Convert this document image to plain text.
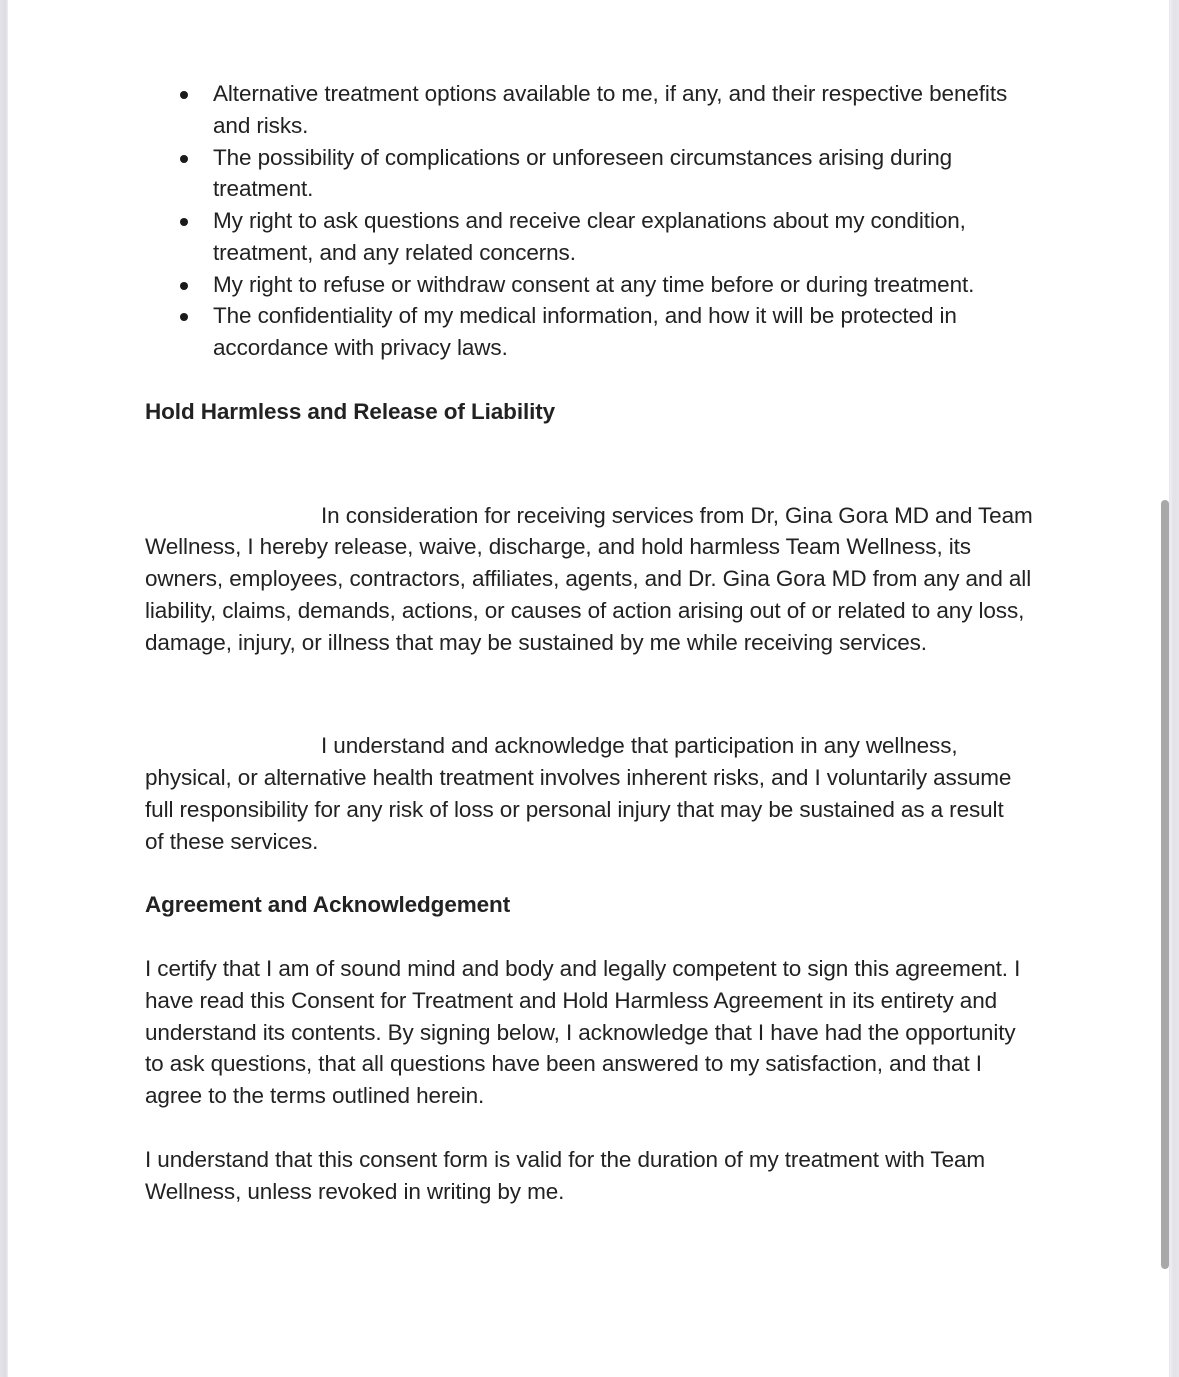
Alternative treatment options available to me, if any, and their respective benefits and risks.
The possibility of complications or unforeseen circumstances arising during treatment.
My right to ask questions and receive clear explanations about my condition, treatment, and any related concerns.
My right to refuse or withdraw consent at any time before or during treatment.
The confidentiality of my medical information, and how it will be protected in accordance with privacy laws.
Hold Harmless and Release of Liability

In consideration for receiving services from Dr, Gina Gora MD and Team Wellness, I hereby release, waive, discharge, and hold harmless Team Wellness, its owners, employees, contractors, affiliates, agents, and Dr. Gina Gora MD from any and all liability, claims, demands, actions, or causes of action arising out of or related to any loss, damage, injury, or illness that may be sustained by me while receiving services.

I understand and acknowledge that participation in any wellness, physical, or alternative health treatment involves inherent risks, and I voluntarily assume full responsibility for any risk of loss or personal injury that may be sustained as a result of these services.

Agreement and Acknowledgement

I certify that I am of sound mind and body and legally competent to sign this agreement. I have read this Consent for Treatment and Hold Harmless Agreement in its entirety and understand its contents. By signing below, I acknowledge that I have had the opportunity to ask questions, that all questions have been answered to my satisfaction, and that I agree to the terms outlined herein.

I understand that this consent form is valid for the duration of my treatment with Team Wellness, unless revoked in writing by me.
